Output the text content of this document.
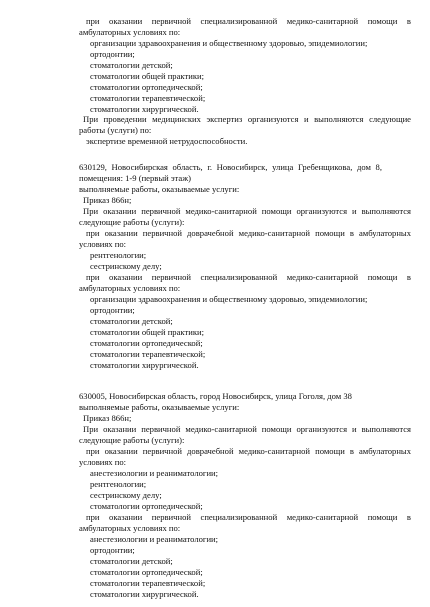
при оказании первичной специализированной медико-санитарной помощи в
амбулаторных условиях по:
организации здравоохранения и общественному здоровью, эпидемиологии;
ортодонтии;
стоматологии детской;
стоматологии общей практики;
стоматологии ортопедической;
стоматологии терапевтической;
стоматологии хирургической.
При проведении медицинских экспертиз организуются и выполняются следующие
работы (услуги) по:
экспертизе временной нетрудоспособности.
630129, Новосибирская область, г. Новосибирск, улица Гребенщикова, дом 8,
помещения: 1-9 (первый этаж)
выполняемые работы, оказываемые услуги:
Приказ 866н;
При оказании первичной медико-санитарной помощи организуются и выполняются
следующие работы (услуги):
при оказании первичной доврачебной медико-санитарной помощи в амбулаторных
условиях по:
рентгенологии;
сестринскому делу;
при оказании первичной специализированной медико-санитарной помощи в
амбулаторных условиях по:
организации здравоохранения и общественному здоровью, эпидемиологии;
ортодонтии;
стоматологии детской;
стоматологии общей практики;
стоматологии ортопедической;
стоматологии терапевтической;
стоматологии хирургической.
630005, Новосибирская область, город Новосибирск, улица Гоголя, дом 38
выполняемые работы, оказываемые услуги:
Приказ 866н;
При оказании первичной медико-санитарной помощи организуются и выполняются
следующие работы (услуги):
при оказании первичной доврачебной медико-санитарной помощи в амбулаторных
условиях по:
анестезиологии и реаниматологии;
рентгенологии;
сестринскому делу;
стоматологии ортопедической;
при оказании первичной специализированной медико-санитарной помощи в
амбулаторных условиях по:
анестезиологии и реаниматологии;
ортодонтии;
стоматологии детской;
стоматологии ортопедической;
стоматологии терапевтической;
стоматологии хирургической.
